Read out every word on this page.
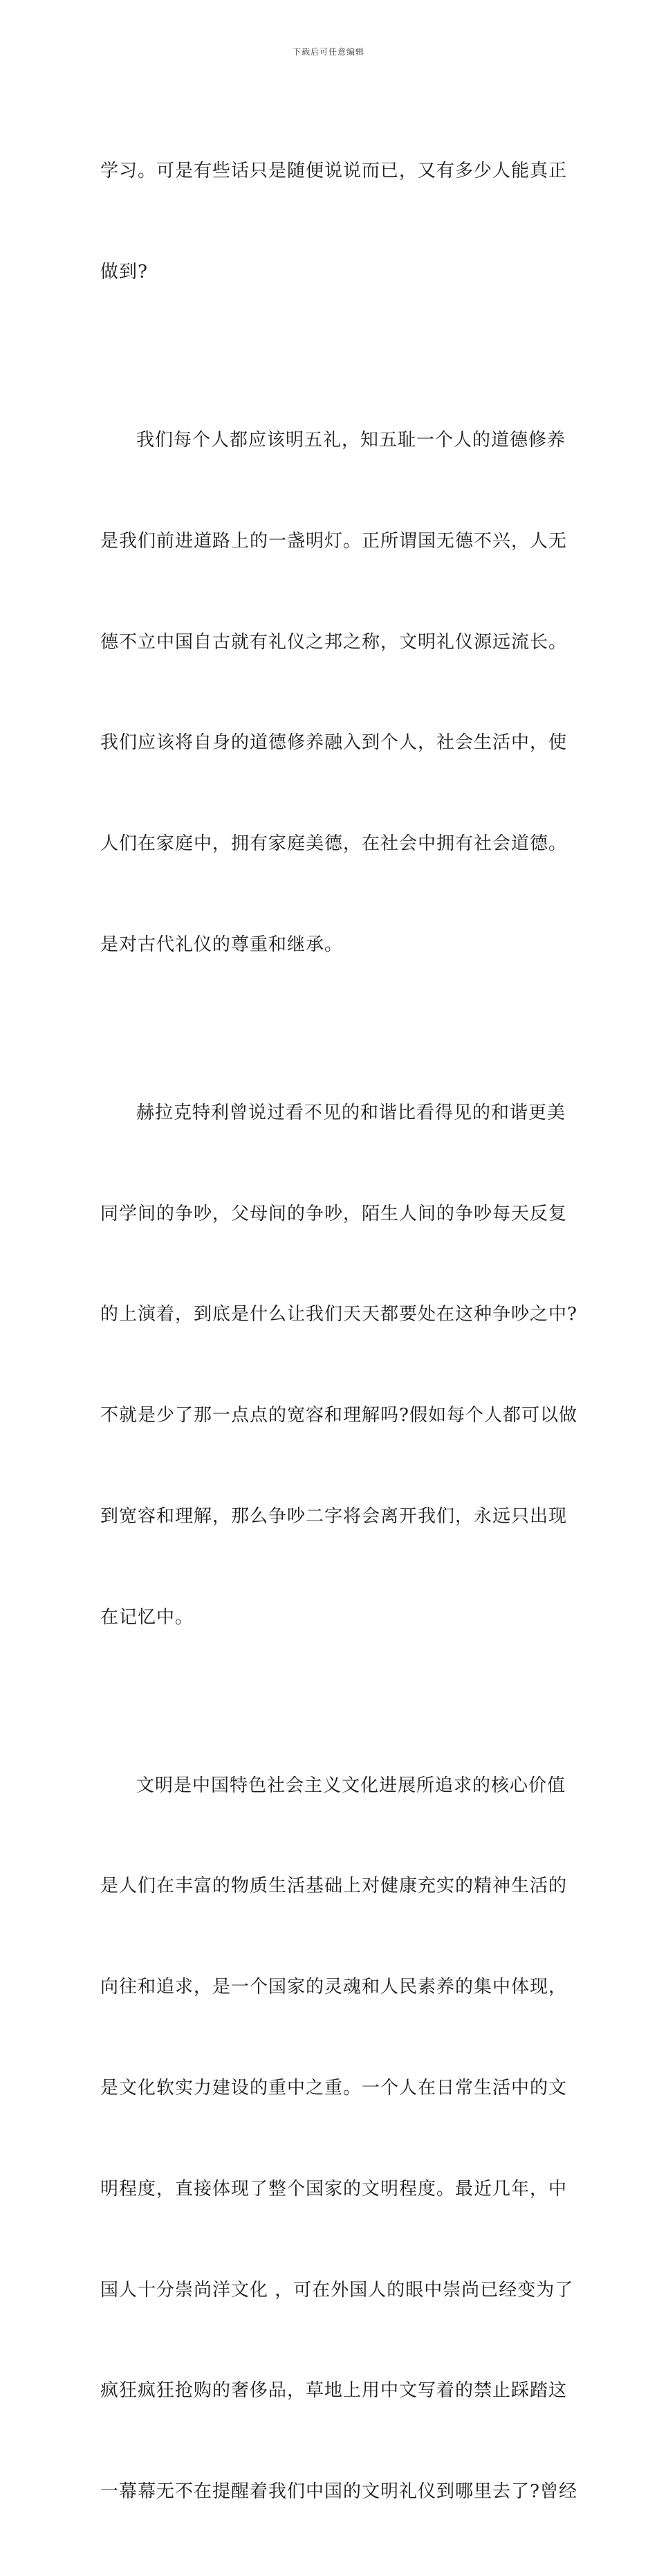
下载后可任意编辑

学习。可是有些话只是随便说说而已，又有多少人能真正

做到?

我们每个人都应该明五礼，知五耻一个人的道德修养

是我们前进道路上的一盏明灯。正所谓国无德不兴，人无

德不立中国自古就有礼仪之邦之称，文明礼仪源远流长。

我们应该将自身的道德修养融入到个人，社会生活中，使

人们在家庭中，拥有家庭美德，在社会中拥有社会道德。

是对古代礼仪的尊重和继承。

赫拉克特利曾说过看不见的和谐比看得见的和谐更美

同学间的争吵，父母间的争吵，陌生人间的争吵每天反复

的上演着，到底是什么让我们天天都要处在这种争吵之中?

不就是少了那一点点的宽容和理解吗?假如每个人都可以做

到宽容和理解，那么争吵二字将会离开我们，永远只出现

在记忆中。

文明是中国特色社会主义文化进展所追求的核心价值

是人们在丰富的物质生活基础上对健康充实的精神生活的

向往和追求，是一个国家的灵魂和人民素养的集中体现，

是文化软实力建设的重中之重。一个人在日常生活中的文

明程度，直接体现了整个国家的文明程度。最近几年，中

国人十分崇尚洋文化 ，可在外国人的眼中崇尚已经变为了

疯狂疯狂抢购的奢侈品，草地上用中文写着的禁止踩踏这

一幕幕无不在提醒着我们中国的文明礼仪到哪里去了?曾经
